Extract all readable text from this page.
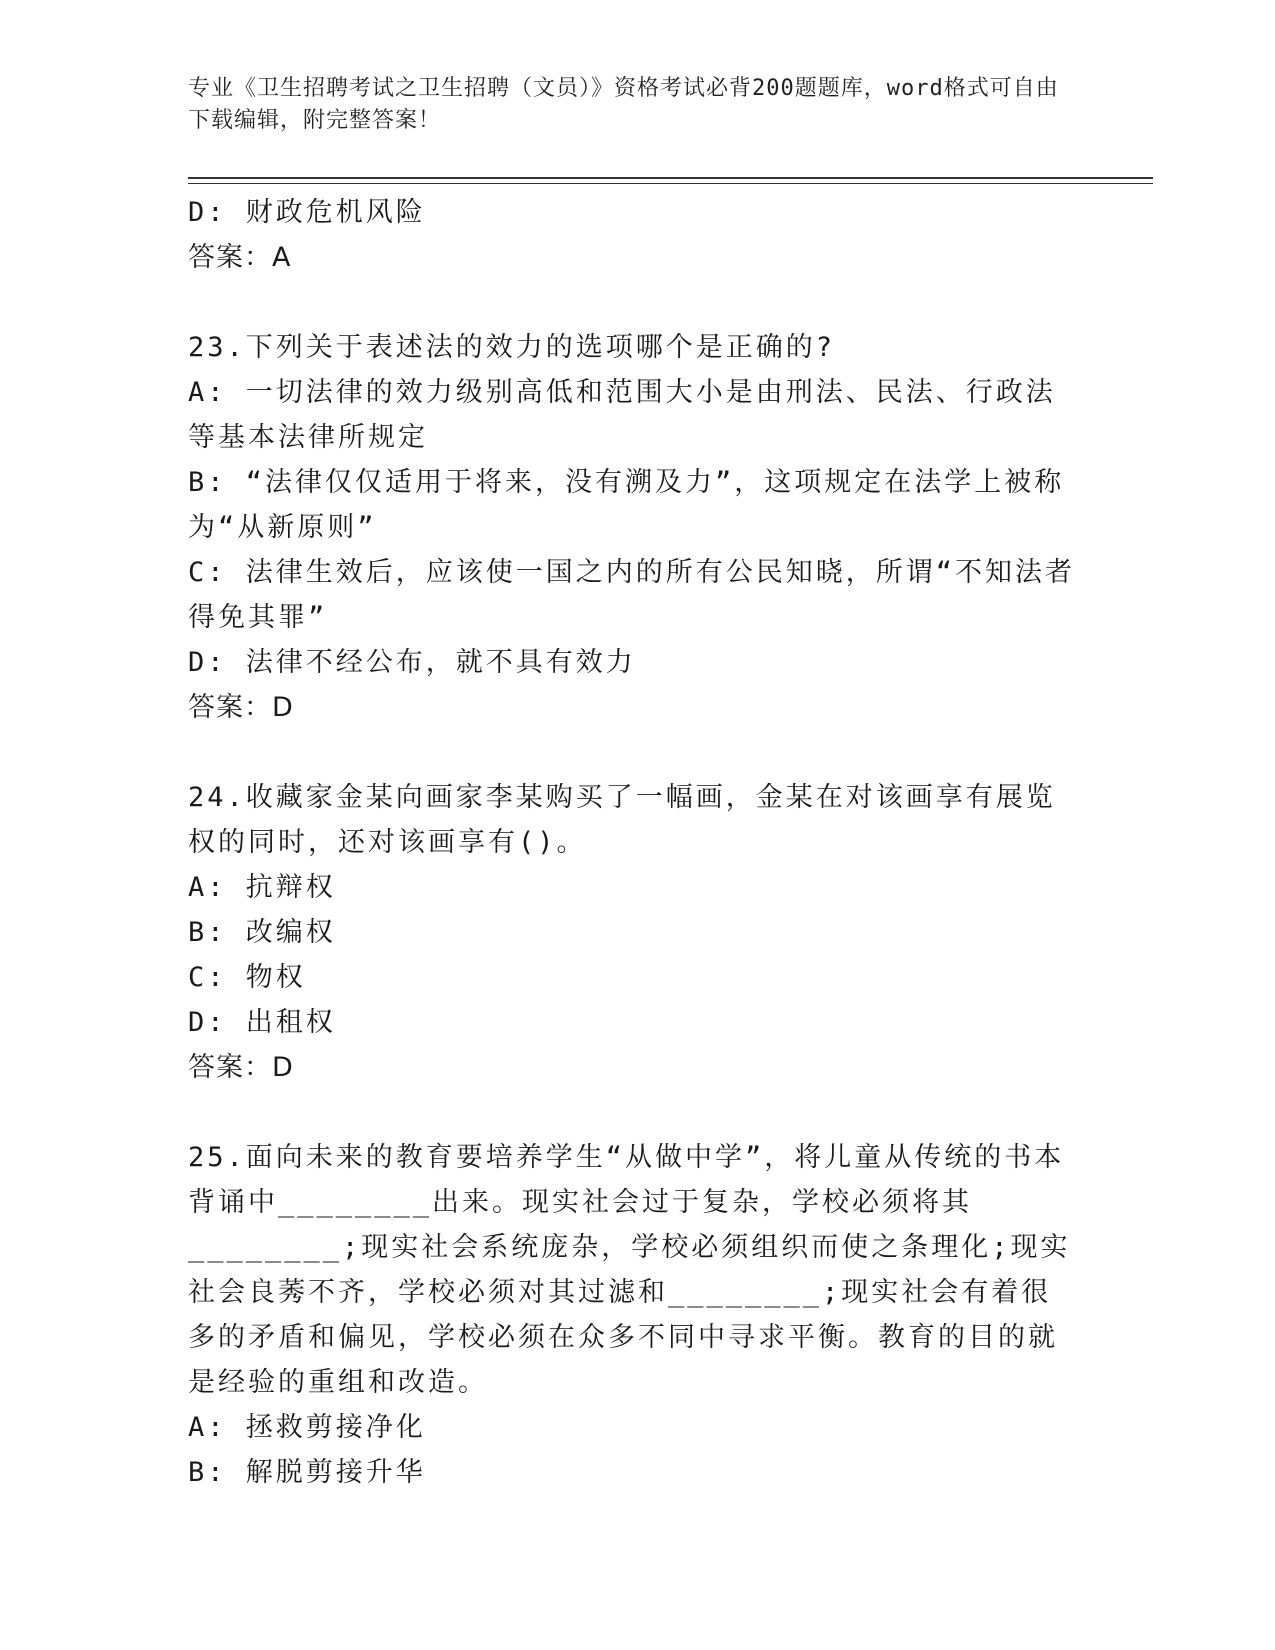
专业《卫生招聘考试之卫生招聘（文员）》资格考试必背200题题库，word格式可自由下载编辑，附完整答案！

D: 财政危机风险

答案：A

23.下列关于表述法的效力的选项哪个是正确的?

A: 一切法律的效力级别高低和范围大小是由刑法、民法、行政法等基本法律所规定

B: “法律仅仅适用于将来，没有溯及力”，这项规定在法学上被称为“从新原则”

C: 法律生效后，应该使一国之内的所有公民知晓，所谓“不知法者得免其罪”

D: 法律不经公布，就不具有效力

答案：D

24.收藏家金某向画家李某购买了一幅画，金某在对该画享有展览权的同时，还对该画享有()。

A: 抗辩权

B: 改编权

C: 物权

D: 出租权

答案：D

25.面向未来的教育要培养学生“从做中学”，将儿童从传统的书本背诵中________出来。现实社会过于复杂，学校必须将其________;现实社会系统庞杂，学校必须组织而使之条理化;现实社会良莠不齐，学校必须对其过滤和________;现实社会有着很多的矛盾和偏见，学校必须在众多不同中寻求平衡。教育的目的就是经验的重组和改造。

A: 拯救剪接净化

B: 解脱剪接升华
